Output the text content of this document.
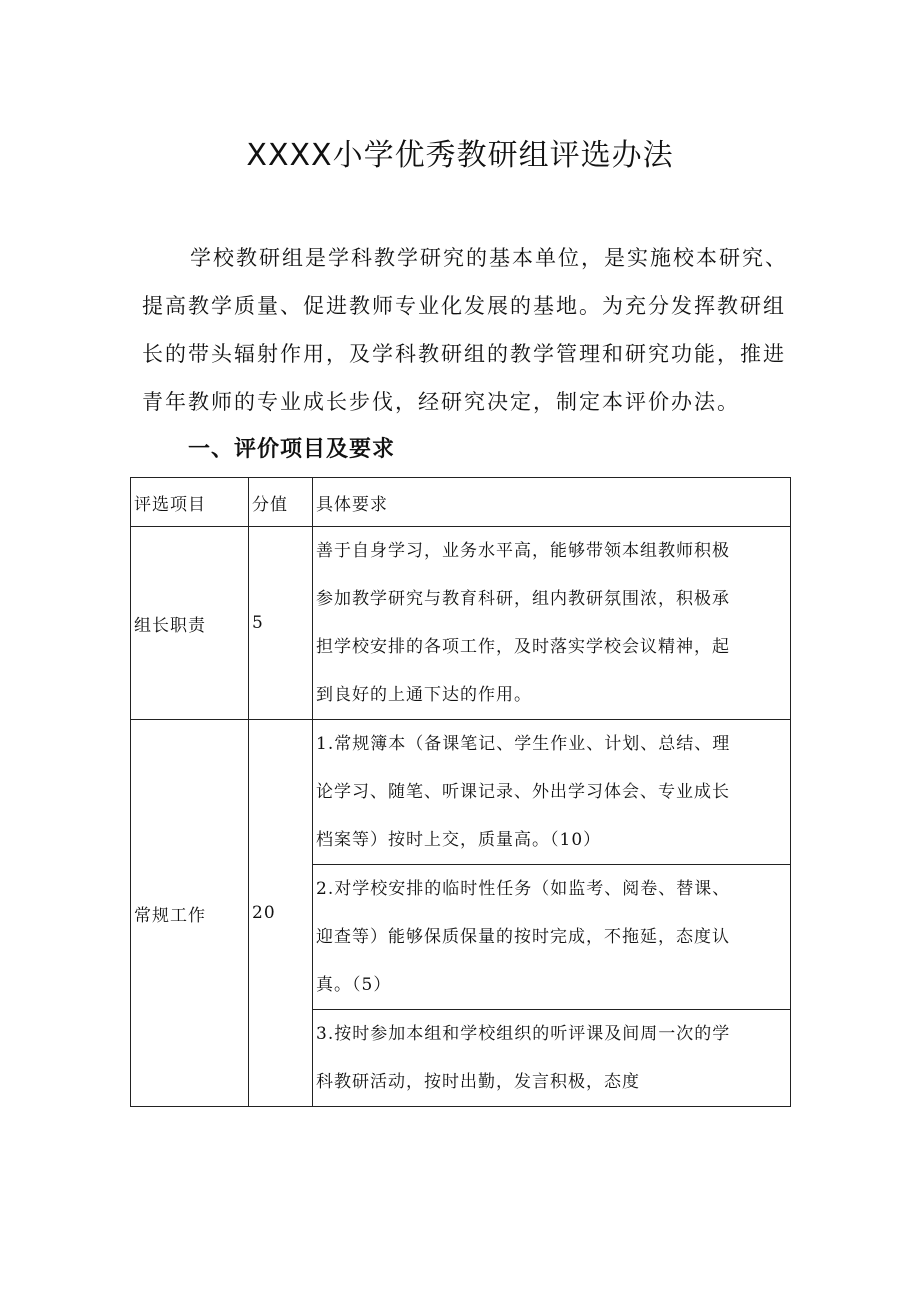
XXXX小学优秀教研组评选办法
学校教研组是学科教学研究的基本单位，是实施校本研究、
提高教学质量、促进教师专业化发展的基地。为充分发挥教研组
长的带头辐射作用，及学科教研组的教学管理和研究功能，推进
青年教师的专业成长步伐，经研究决定，制定本评价办法。
一、评价项目及要求
评选项目	分值	具体要求
组长职责	5	善于自身学习，业务水平高，能够带领本组教师积极
参加教学研究与教育科研，组内教研氛围浓，积极承
担学校安排的各项工作，及时落实学校会议精神，起
到良好的上通下达的作用。

常规工作	20	1.常规簿本（备课笔记、学生作业、计划、总结、理
论学习、随笔、听课记录、外出学习体会、专业成长
档案等）按时上交，质量高。（10）

		2.对学校安排的临时性任务（如监考、阅卷、替课、
迎查等）能够保质保量的按时完成，不拖延，态度认
真。（5）

		3.按时参加本组和学校组织的听评课及间周一次的学
科教研活动，按时出勤，发言积极，态度
